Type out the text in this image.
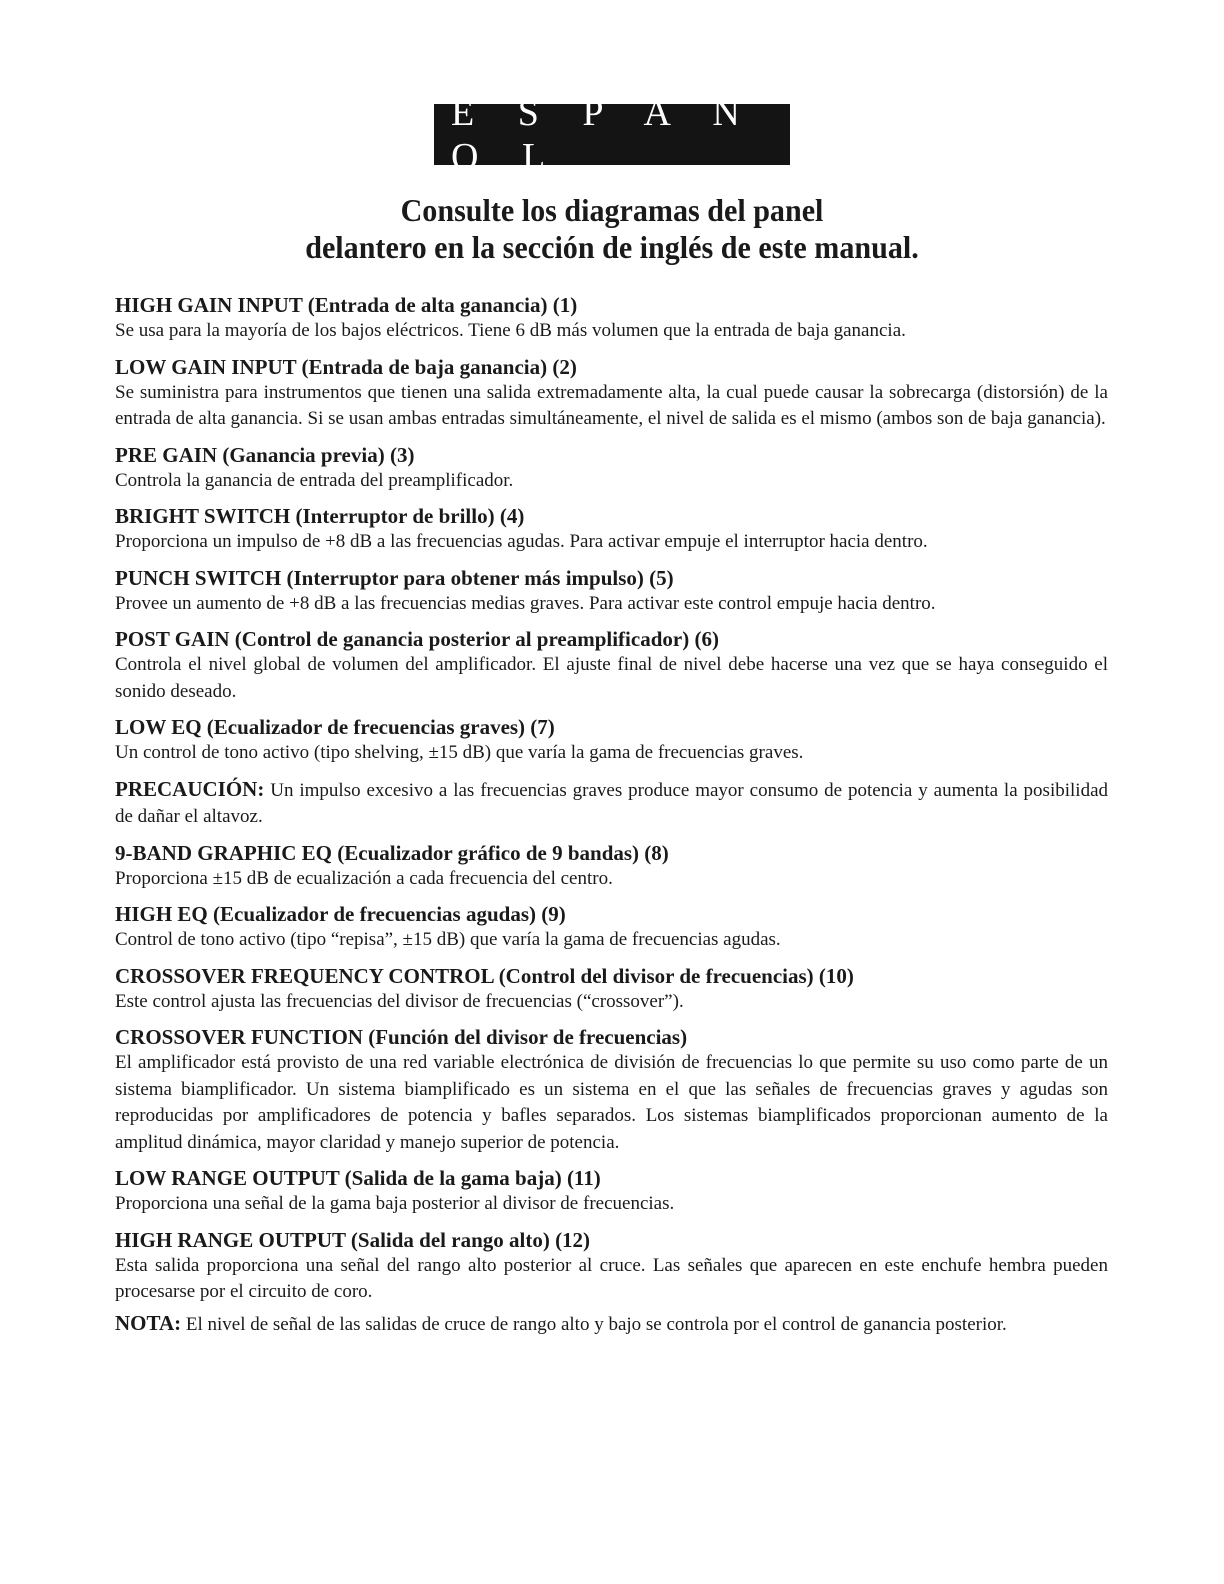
E S P A Ñ O L
Consulte los diagramas del panel
delantero en la sección de inglés de este manual.
HIGH GAIN INPUT (Entrada de alta ganancia) (1)
Se usa para la mayoría de los bajos eléctricos. Tiene 6 dB más volumen que la entrada de baja ganancia.
LOW GAIN INPUT (Entrada de baja ganancia) (2)
Se suministra para instrumentos que tienen una salida extremadamente alta, la cual puede causar la sobrecarga (distorsión) de la entrada de alta ganancia. Si se usan ambas entradas simultáneamente, el nivel de salida es el mismo (ambos son de baja ganancia).
PRE GAIN (Ganancia previa) (3)
Controla la ganancia de entrada del preamplificador.
BRIGHT SWITCH (Interruptor de brillo) (4)
Proporciona un impulso de +8 dB a las frecuencias agudas. Para activar empuje el interruptor hacia dentro.
PUNCH SWITCH (Interruptor para obtener más impulso) (5)
Provee un aumento de +8 dB a las frecuencias medias graves. Para activar este control empuje hacia dentro.
POST GAIN (Control de ganancia posterior al preamplificador) (6)
Controla el nivel global de volumen del amplificador. El ajuste final de nivel debe hacerse una vez que se haya conseguido el sonido deseado.
LOW EQ (Ecualizador de frecuencias graves) (7)
Un control de tono activo (tipo shelving, ±15 dB) que varía la gama de frecuencias graves.
PRECAUCIÓN: Un impulso excesivo a las frecuencias graves produce mayor consumo de potencia y aumenta la posibilidad de dañar el altavoz.
9-BAND GRAPHIC EQ (Ecualizador gráfico de 9 bandas) (8)
Proporciona ±15 dB de ecualización a cada frecuencia del centro.
HIGH EQ (Ecualizador de frecuencias agudas) (9)
Control de tono activo (tipo “repisa”, ±15 dB) que varía la gama de frecuencias agudas.
CROSSOVER FREQUENCY CONTROL (Control del divisor de frecuencias) (10)
Este control ajusta las frecuencias del divisor de frecuencias (“crossover”).
CROSSOVER FUNCTION (Función del divisor de frecuencias)
El amplificador está provisto de una red variable electrónica de división de frecuencias lo que permite su uso como parte de un sistema biamplificador. Un sistema biamplificado es un sistema en el que las señales de frecuencias graves y agudas son reproducidas por amplificadores de potencia y bafles separados. Los sistemas biamplificados proporcionan aumento de la amplitud dinámica, mayor claridad y manejo superior de potencia.
LOW RANGE OUTPUT (Salida de la gama baja) (11)
Proporciona una señal de la gama baja posterior al divisor de frecuencias.
HIGH RANGE OUTPUT (Salida del rango alto) (12)
Esta salida proporciona una señal del rango alto posterior al cruce. Las señales que aparecen en este enchufe hembra pueden procesarse por el circuito de coro.
NOTA: El nivel de señal de las salidas de cruce de rango alto y bajo se controla por el control de ganancia posterior.
